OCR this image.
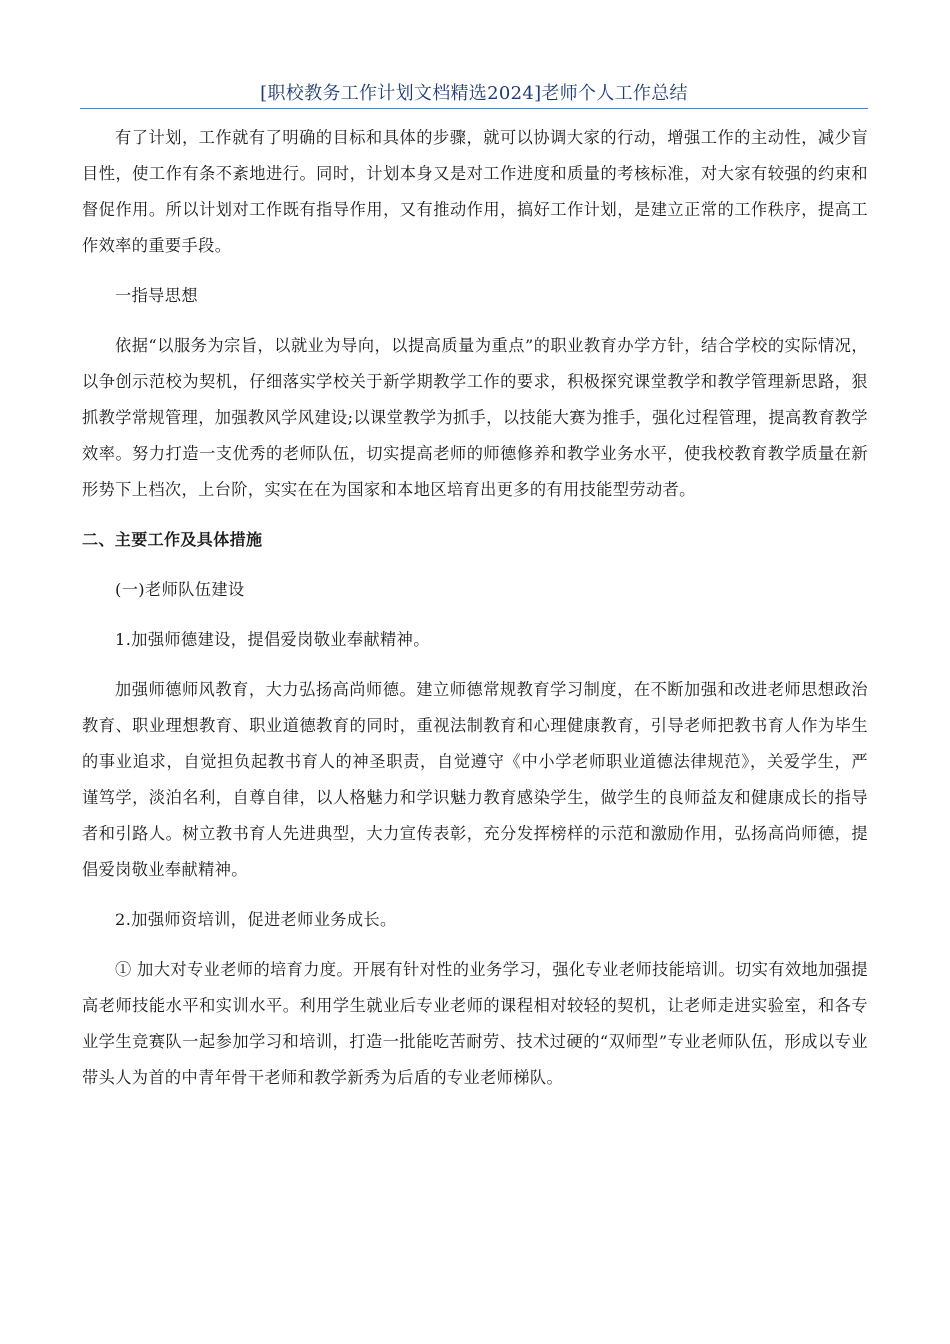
[职校教务工作计划文档精选2024]老师个人工作总结

有了计划，工作就有了明确的目标和具体的步骤，就可以协调大家的行动，增强工作的主动性，减少盲目性，使工作有条不紊地进行。同时，计划本身又是对工作进度和质量的考核标准，对大家有较强的约束和督促作用。所以计划对工作既有指导作用，又有推动作用，搞好工作计划，是建立正常的工作秩序，提高工作效率的重要手段。

一指导思想

依据“以服务为宗旨，以就业为导向，以提高质量为重点”的职业教育办学方针，结合学校的实际情况，以争创示范校为契机，仔细落实学校关于新学期教学工作的要求，积极探究课堂教学和教学管理新思路，狠抓教学常规管理，加强教风学风建设;以课堂教学为抓手，以技能大赛为推手，强化过程管理，提高教育教学效率。努力打造一支优秀的老师队伍，切实提高老师的师德修养和教学业务水平，使我校教育教学质量在新形势下上档次，上台阶，实实在在为国家和本地区培育出更多的有用技能型劳动者。

二、主要工作及具体措施

(一)老师队伍建设

1.加强师德建设，提倡爱岗敬业奉献精神。

加强师德师风教育，大力弘扬高尚师德。建立师德常规教育学习制度，在不断加强和改进老师思想政治教育、职业理想教育、职业道德教育的同时，重视法制教育和心理健康教育，引导老师把教书育人作为毕生的事业追求，自觉担负起教书育人的神圣职责，自觉遵守《中小学老师职业道德法律规范》，关爱学生，严谨笃学，淡泊名利，自尊自律，以人格魅力和学识魅力教育感染学生，做学生的良师益友和健康成长的指导者和引路人。树立教书育人先进典型，大力宣传表彰，充分发挥榜样的示范和激励作用，弘扬高尚师德，提倡爱岗敬业奉献精神。

2.加强师资培训，促进老师业务成长。

① 加大对专业老师的培育力度。开展有针对性的业务学习，强化专业老师技能培训。切实有效地加强提高老师技能水平和实训水平。利用学生就业后专业老师的课程相对较轻的契机，让老师走进实验室，和各专业学生竞赛队一起参加学习和培训，打造一批能吃苦耐劳、技术过硬的“双师型”专业老师队伍，形成以专业带头人为首的中青年骨干老师和教学新秀为后盾的专业老师梯队。
